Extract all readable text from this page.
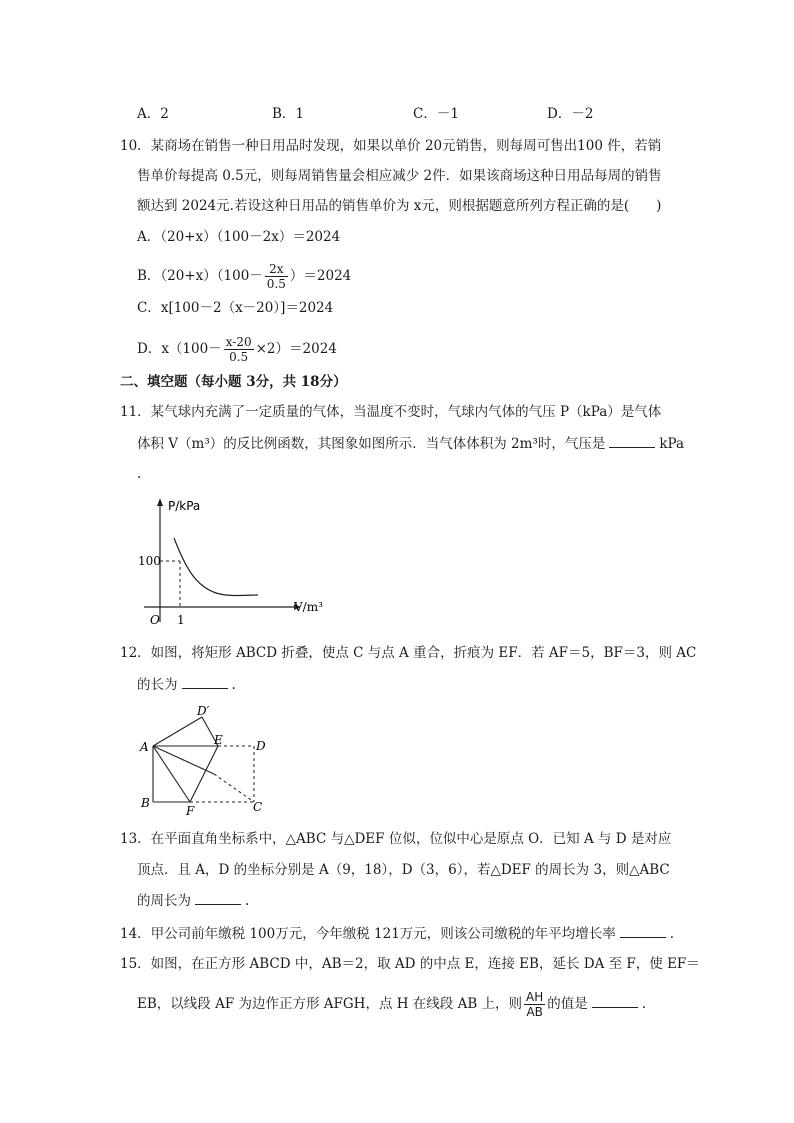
A．2	B．1	C．－1	D．－2
10．某商场在销售一种日用品时发现，如果以单价 20元销售，则每周可售出100 件，若销
售单价每提高 0.5元，则每周销售量会相应减少 2件．如果该商场这种日用品每周的销售
额达到 2024元.若设这种日用品的销售单价为 x元，则根据题意所列方程正确的是(　　)
A．（20+x）（100－2x）＝2024
B．$(20+x)(100- \frac{2x}{0.5} )=2024$
C．x[100－2（x－20）]＝2024
D．$x(100- \frac{x-20}{0.5} \times 2)=2024$
二、填空题（每小题 3分，共 18分）
11．某气球内充满了一定质量的气体，当温度不变时，气球内气体的气压 P（kPa）是气体
体积 V（m³）的反比例函数，其图象如图所示．当气体体积为 2m³时，气压是	kPa
.
P/kPa
V/m³
100
1
O
12．如图，将矩形 ABCD 折叠，使点 C 与点 A 重合，折痕为 EF．若 AF＝5，BF＝3，则 AC
的长为	.
A
B	C
D
E
F
D′
13．在平面直角坐标系中，△ABC 与△DEF 位似，位似中心是原点 O．已知 A 与 D 是对应
顶点．且 A，D 的坐标分别是 A（9，18），D（3，6），若△DEF 的周长为 3，则△ABC
的周长为	.
14．甲公司前年缴税 100万元，今年缴税 121万元，则该公司缴税的年平均增长率	.
15．如图，在正方形 ABCD 中，AB＝2，取 AD 的中点 E，连接 EB，延长 DA 至 F，使 EF＝
EB，以线段 AF 为边作正方形 AFGH，点 H 在线段 AB 上，则 $\frac{AH}{AB}$ 的值是	.
